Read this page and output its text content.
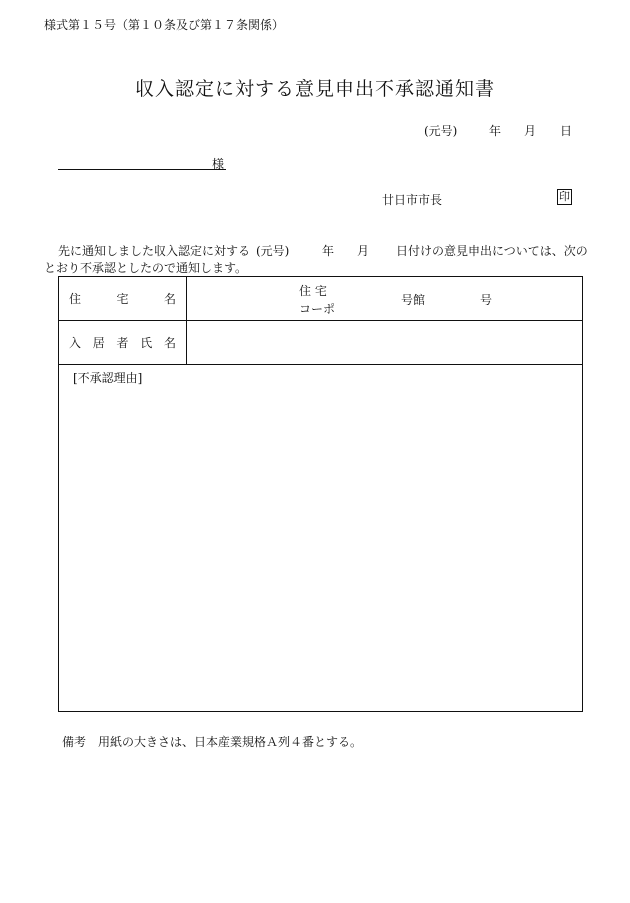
様式第１５号（第１０条及び第１７条関係）
収入認定に対する意見申出不承認通知書
(元号)	年 月 日
様
廿日市市長	印
先に通知しました収入認定に対する (元号)	年 月 日付けの意見申出については、次の
とおり不承認としたので通知します。
住 宅 名	住 宅
コーポ
号館 号

入 居 者 氏 名	

[不承認理由]	
備考　用紙の大きさは、日本産業規格Ａ列４番とする。
